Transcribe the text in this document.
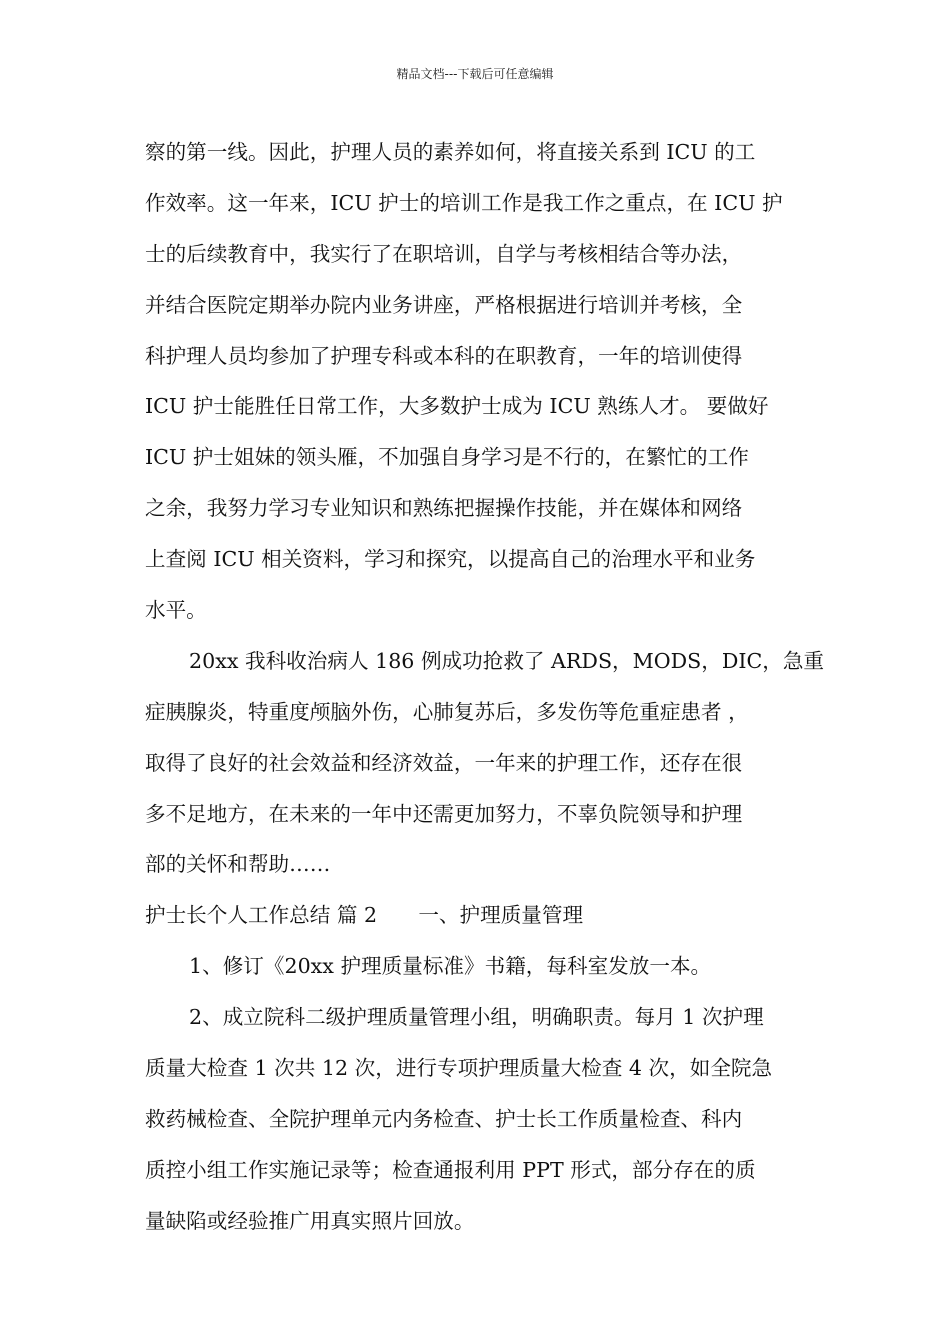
精品文档---下载后可任意编辑
察的第一线。因此，护理人员的素养如何，将直接关系到 ICU 的工
作效率。这一年来，ICU 护士的培训工作是我工作之重点，在 ICU 护
士的后续教育中，我实行了在职培训，自学与考核相结合等办法，
并结合医院定期举办院内业务讲座，严格根据进行培训并考核，全
科护理人员均参加了护理专科或本科的在职教育，一年的培训使得
ICU 护士能胜任日常工作，大多数护士成为 ICU 熟练人才。 要做好
ICU 护士姐妹的领头雁，不加强自身学习是不行的，在繁忙的工作
之余，我努力学习专业知识和熟练把握操作技能，并在媒体和网络
上查阅 ICU 相关资料，学习和探究，以提高自己的治理水平和业务
水平。
20xx 我科收治病人 186 例成功抢救了 ARDS，MODS，DIC，急重
症胰腺炎，特重度颅脑外伤，心肺复苏后，多发伤等危重症患者 ，
取得了良好的社会效益和经济效益，一年来的护理工作，还存在很
多不足地方，在未来的一年中还需更加努力，不辜负院领导和护理
部的关怀和帮助……
护士长个人工作总结 篇 2　　一、护理质量管理
1、修订《20xx 护理质量标准》书籍，每科室发放一本。
2、成立院科二级护理质量管理小组，明确职责。每月 1 次护理
质量大检查 1 次共 12 次，进行专项护理质量大检查 4 次，如全院急
救药械检查、全院护理单元内务检查、护士长工作质量检查、科内
质控小组工作实施记录等；检查通报利用 PPT 形式，部分存在的质
量缺陷或经验推广用真实照片回放。
